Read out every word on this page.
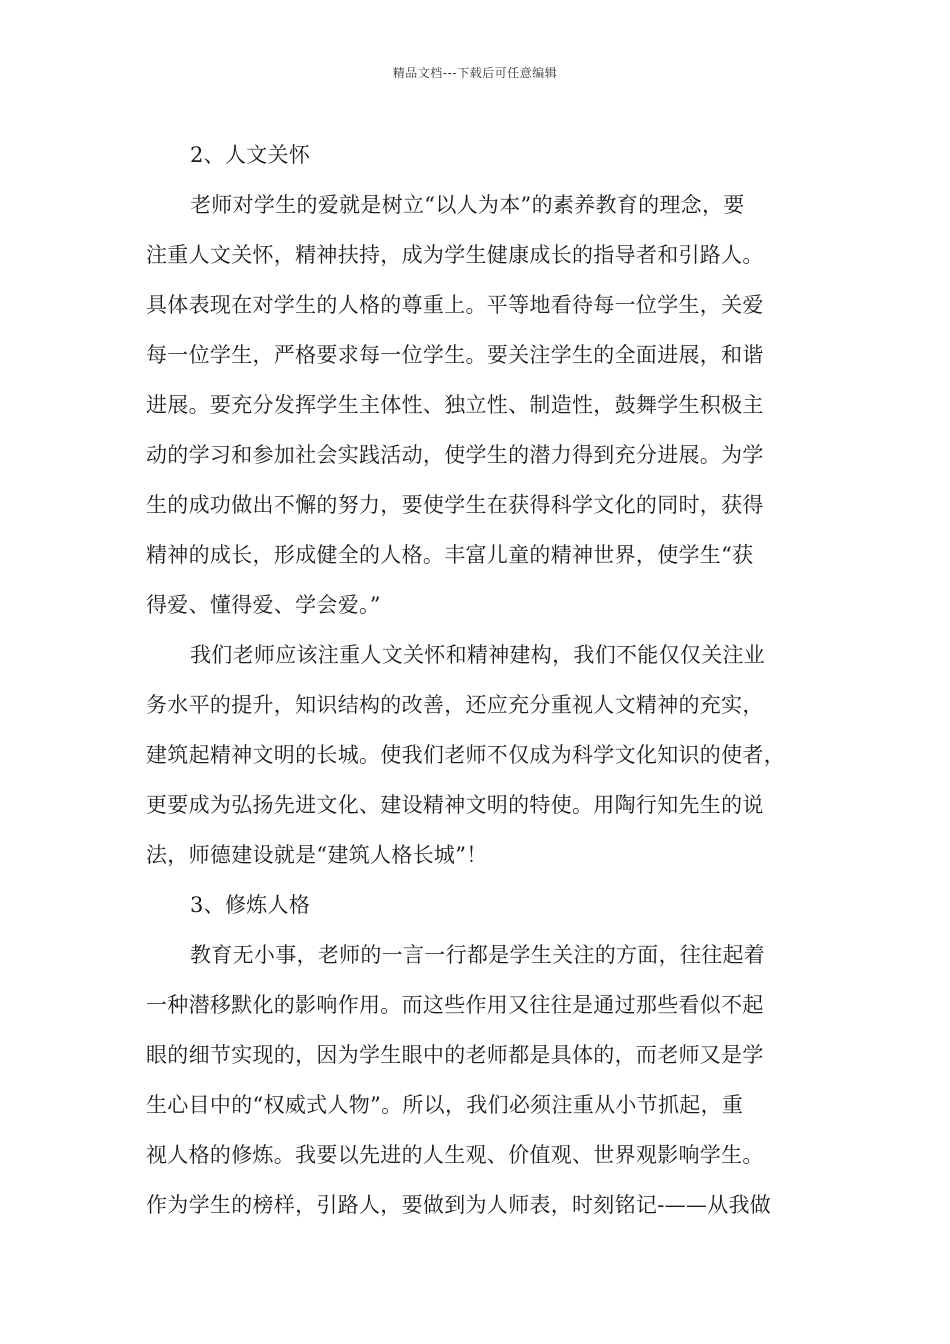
精品文档---下载后可任意编辑
2、人文关怀
老师对学生的爱就是树立“以人为本”的素养教育的理念，要
注重人文关怀，精神扶持，成为学生健康成长的指导者和引路人。
具体表现在对学生的人格的尊重上。平等地看待每一位学生，关爱
每一位学生，严格要求每一位学生。要关注学生的全面进展，和谐
进展。要充分发挥学生主体性、独立性、制造性，鼓舞学生积极主
动的学习和参加社会实践活动，使学生的潜力得到充分进展。为学
生的成功做出不懈的努力，要使学生在获得科学文化的同时，获得
精神的成长，形成健全的人格。丰富儿童的精神世界，使学生“获
得爱、懂得爱、学会爱。”
我们老师应该注重人文关怀和精神建构，我们不能仅仅关注业
务水平的提升，知识结构的改善，还应充分重视人文精神的充实，
建筑起精神文明的长城。使我们老师不仅成为科学文化知识的使者，
更要成为弘扬先进文化、建设精神文明的特使。用陶行知先生的说
法，师德建设就是“建筑人格长城”！
3、修炼人格
教育无小事，老师的一言一行都是学生关注的方面，往往起着
一种潜移默化的影响作用。而这些作用又往往是通过那些看似不起
眼的细节实现的，因为学生眼中的老师都是具体的，而老师又是学
生心目中的“权威式人物”。所以，我们必须注重从小节抓起，重
视人格的修炼。我要以先进的人生观、价值观、世界观影响学生。
作为学生的榜样，引路人，要做到为人师表，时刻铭记-——从我做
